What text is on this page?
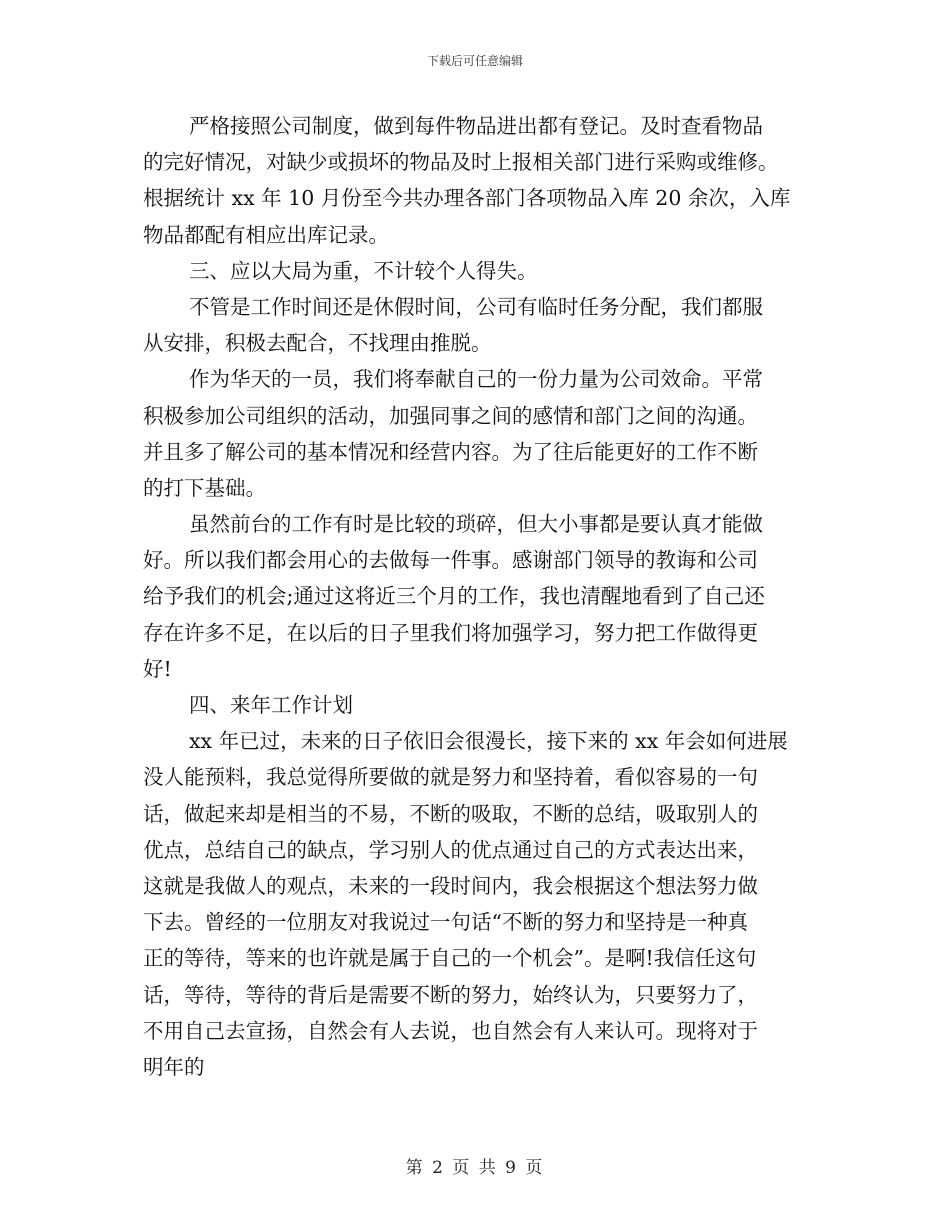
下载后可任意编辑
严格接照公司制度，做到每件物品进出都有登记。及时查看物品
的完好情况，对缺少或损坏的物品及时上报相关部门进行采购或维修。
根据统计 xx 年 10 月份至今共办理各部门各项物品入库 20 余次，入库
物品都配有相应出库记录。
三、应以大局为重，不计较个人得失。
不管是工作时间还是休假时间，公司有临时任务分配，我们都服
从安排，积极去配合，不找理由推脱。
作为华天的一员，我们将奉献自己的一份力量为公司效命。平常
积极参加公司组织的活动，加强同事之间的感情和部门之间的沟通。
并且多了解公司的基本情况和经营内容。为了往后能更好的工作不断
的打下基础。
虽然前台的工作有时是比较的琐碎，但大小事都是要认真才能做
好。所以我们都会用心的去做每一件事。感谢部门领导的教诲和公司
给予我们的机会;通过这将近三个月的工作，我也清醒地看到了自己还
存在许多不足，在以后的日子里我们将加强学习，努力把工作做得更
好!
四、来年工作计划
xx 年已过，未来的日子依旧会很漫长，接下来的 xx 年会如何进展
没人能预料，我总觉得所要做的就是努力和坚持着，看似容易的一句
话，做起来却是相当的不易，不断的吸取，不断的总结，吸取别人的
优点，总结自己的缺点，学习别人的优点通过自己的方式表达出来，
这就是我做人的观点，未来的一段时间内，我会根据这个想法努力做
下去。曾经的一位朋友对我说过一句话“不断的努力和坚持是一种真
正的等待，等来的也许就是属于自己的一个机会”。是啊!我信任这句
话，等待，等待的背后是需要不断的努力，始终认为，只要努力了，
不用自己去宣扬，自然会有人去说，也自然会有人来认可。现将对于
明年的
第 2 页 共 9 页
